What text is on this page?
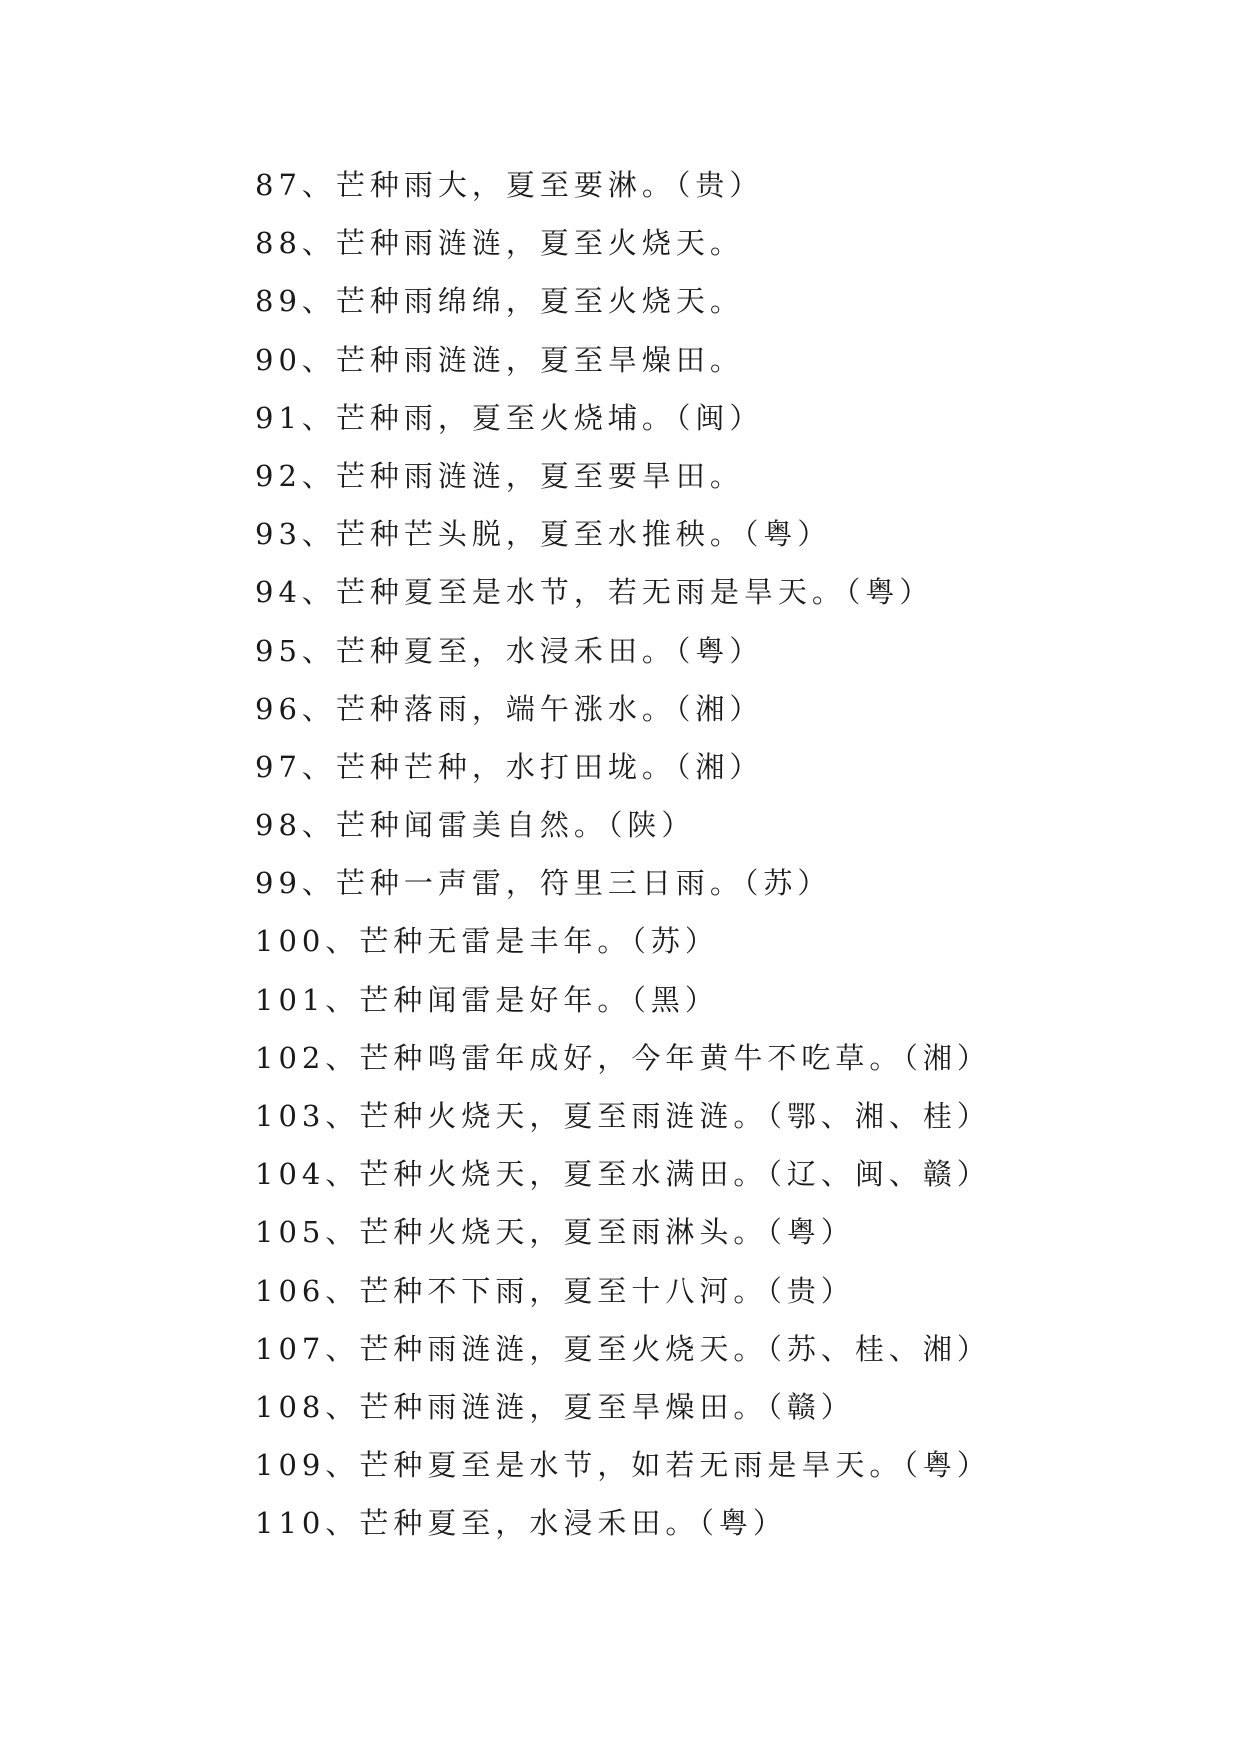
87、芒种雨大，夏至要淋。（贵）
88、芒种雨涟涟，夏至火烧天。
89、芒种雨绵绵，夏至火烧天。
90、芒种雨涟涟，夏至旱燥田。
91、芒种雨，夏至火烧埔。（闽）
92、芒种雨涟涟，夏至要旱田。
93、芒种芒头脱，夏至水推秧。（粤）
94、芒种夏至是水节，若无雨是旱天。（粤）
95、芒种夏至，水浸禾田。（粤）
96、芒种落雨，端午涨水。（湘）
97、芒种芒种，水打田垅。（湘）
98、芒种闻雷美自然。（陕）
99、芒种一声雷，符里三日雨。（苏）
100、芒种无雷是丰年。（苏）
101、芒种闻雷是好年。（黑）
102、芒种鸣雷年成好，今年黄牛不吃草。（湘）
103、芒种火烧天，夏至雨涟涟。（鄂、湘、桂）
104、芒种火烧天，夏至水满田。（辽、闽、赣）
105、芒种火烧天，夏至雨淋头。（粤）
106、芒种不下雨，夏至十八河。（贵）
107、芒种雨涟涟，夏至火烧天。（苏、桂、湘）
108、芒种雨涟涟，夏至旱燥田。（赣）
109、芒种夏至是水节，如若无雨是旱天。（粤）
110、芒种夏至，水浸禾田。（粤）
